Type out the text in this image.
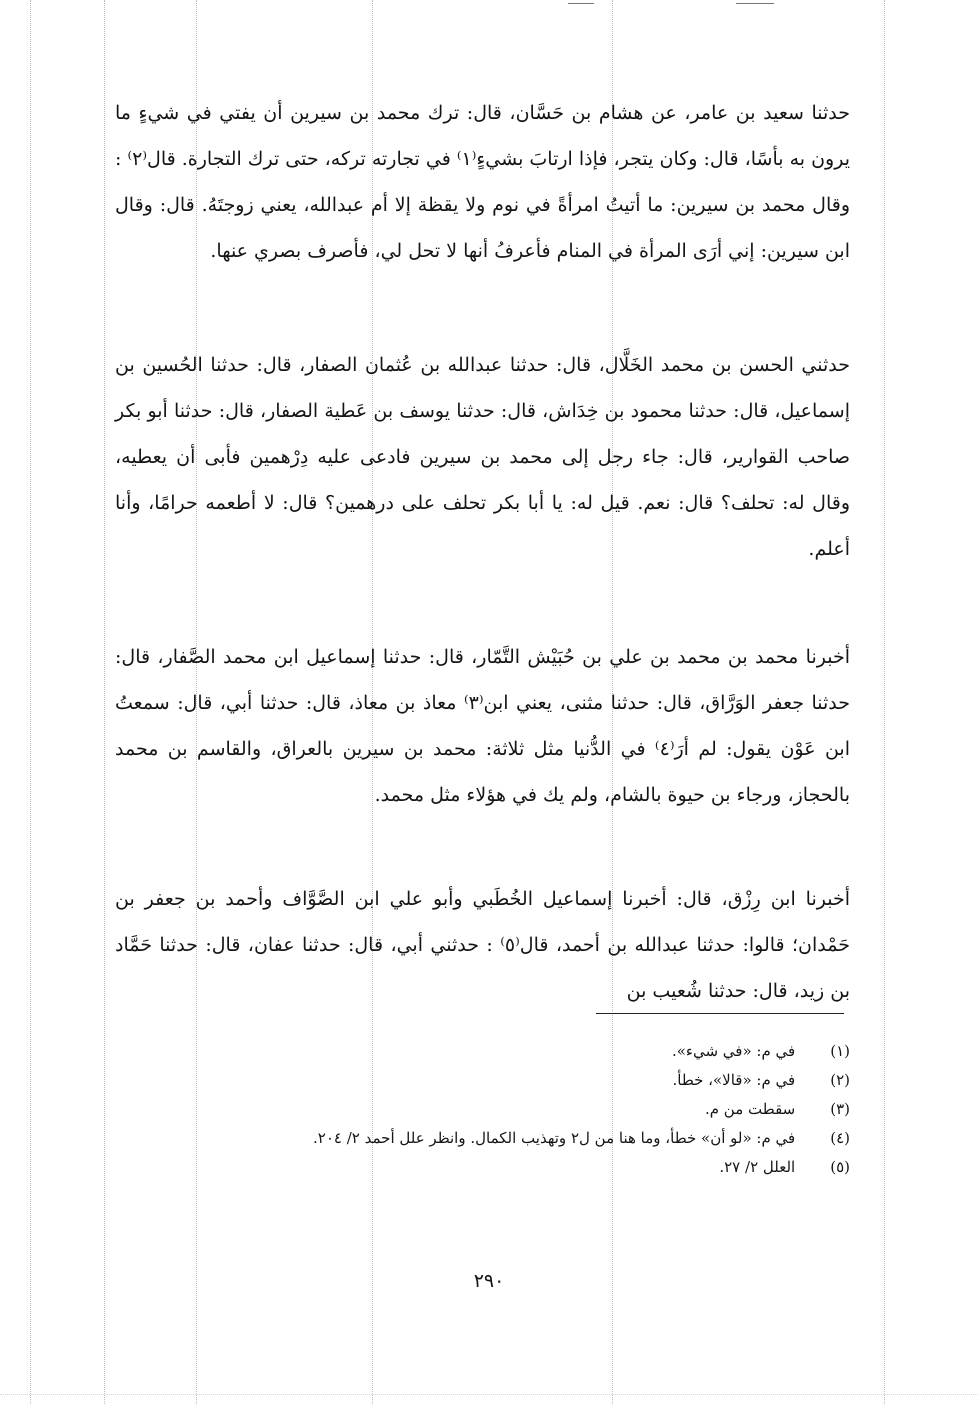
حدثنا سعيد بن عامر، عن هشام بن حَسَّان، قال: ترك محمد بن سيرين أن يفتي في شيءٍ ما يرون به بأسًا، قال: وكان يتجر، فإذا ارتابَ بشيءٍ⁽١⁾ في تجارته تركه، حتى ترك التجارة. قال⁽٢⁾ : وقال محمد بن سيرين: ما أتيتُ امرأةً في نوم ولا يقظة إلا أم عبدالله، يعني زوجتَهُ. قال: وقال ابن سيرين: إني أرَى المرأة في المنام فأعرفُ أنها لا تحل لي، فأصرف بصري عنها.

حدثني الحسن بن محمد الخَلَّال، قال: حدثنا عبدالله بن عُثمان الصفار، قال: حدثنا الحُسين بن إسماعيل، قال: حدثنا محمود بن خِدَاش، قال: حدثنا يوسف بن عَطية الصفار، قال: حدثنا أبو بكر صاحب القوارير، قال: جاء رجل إلى محمد بن سيرين فادعى عليه دِرْهمين فأبى أن يعطيه، وقال له: تحلف؟ قال: نعم. قيل له: يا أبا بكر تحلف على درهمين؟ قال: لا أطعمه حرامًا، وأنا أعلم.

أخبرنا محمد بن محمد بن علي بن حُبَيْش التَّمّار، قال: حدثنا إسماعيل ابن محمد الصَّفار، قال: حدثنا جعفر الوَرَّاق، قال: حدثنا مثنى، يعني ابن⁽٣⁾ معاذ بن معاذ، قال: حدثنا أبي، قال: سمعتُ ابن عَوْن يقول: لم أرَ⁽٤⁾ في الدُّنيا مثل ثلاثة: محمد بن سيرين بالعراق، والقاسم بن محمد بالحجاز، ورجاء بن حيوة بالشام، ولم يك في هؤلاء مثل محمد.

أخبرنا ابن رِزْق، قال: أخبرنا إسماعيل الخُطَبي وأبو علي ابن الصَّوَّاف وأحمد بن جعفر بن حَمْدان؛ قالوا: حدثنا عبدالله بن أحمد، قال⁽٥⁾ : حدثني أبي، قال: حدثنا عفان، قال: حدثنا حَمَّاد بن زيد، قال: حدثنا شُعيب بن

(١) في م: «في شيء».
(٢) في م: «قالا»، خطأ.
(٣) سقطت من م.
(٤) في م: «لو أن» خطأ، وما هنا من ل٢ وتهذيب الكمال. وانظر علل أحمد ٢/ ٢٠٤.
(٥) العلل ٢/ ٢٧.
٢٩٠
